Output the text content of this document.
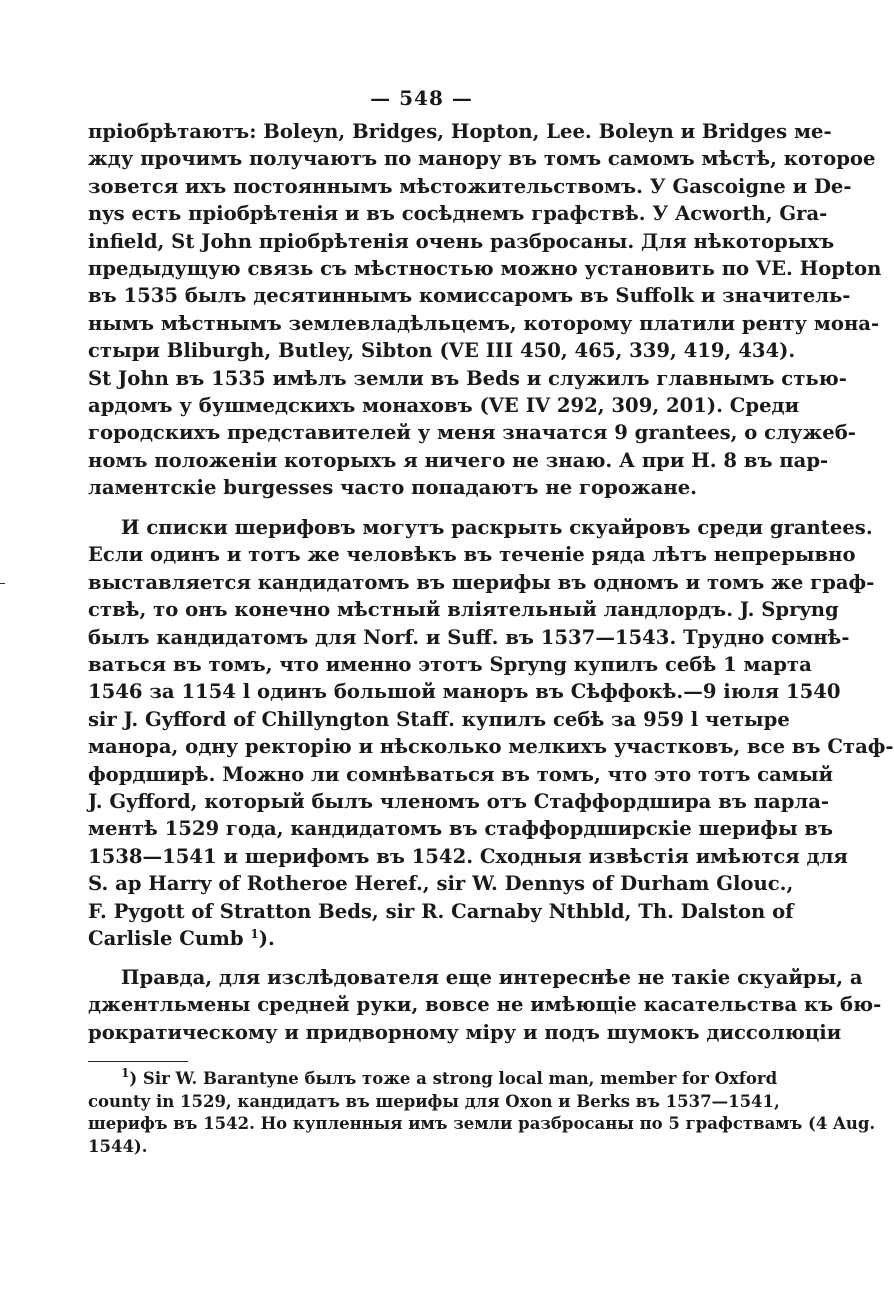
— 548 —

пріобрѣтаютъ: Boleyn, Bridges, Hopton, Lee. Boleyn и Bridges ме-

жду прочимъ получаютъ по манору въ томъ самомъ мѣстѣ, которое

зовется ихъ постояннымъ мѣстожительствомъ. У Gascoigne и De-

nys есть пріобрѣтенія и въ сосѣднемъ графствѣ. У Acworth, Gra-

infield, St John пріобрѣтенія очень разбросаны. Для нѣкоторыхъ

предыдущую связь съ мѣстностью можно установить по VE. Hopton

въ 1535 былъ десятиннымъ комиссаромъ въ Suffolk и значитель-

нымъ мѣстнымъ землевладѣльцемъ, которому платили ренту мона-

стыри Bliburgh, Butley, Sibton (VE III 450, 465, 339, 419, 434).

St John въ 1535 имѣлъ земли въ Beds и служилъ главнымъ стью-

ардомъ у бушмедскихъ монаховъ (VE IV 292, 309, 201). Среди

городскихъ представителей у меня значатся 9 grantees, о служеб-

номъ положеніи которыхъ я ничего не знаю. А при H. 8 въ пар-

ламентскіе burgesses часто попадаютъ не горожане.

И списки шерифовъ могутъ раскрыть скуайровъ среди grantees.

Если одинъ и тотъ же человѣкъ въ теченіе ряда лѣтъ непрерывно

выставляется кандидатомъ въ шерифы въ одномъ и томъ же граф-

ствѣ, то онъ конечно мѣстный вліятельный ландлордъ. J. Spryng

былъ кандидатомъ для Norf. и Suff. въ 1537—1543. Трудно сомнѣ-

ваться въ томъ, что именно этотъ Spryng купилъ себѣ 1 марта

1546 за 1154 l одинъ большой маноръ въ Сѣффокѣ.—9 іюля 1540

sir J. Gyfford of Chillyngton Staff. купилъ себѣ за 959 l четыре

манора, одну ректорію и нѣсколько мелкихъ участковъ, все въ Стаф-

фордширѣ. Можно ли сомнѣваться въ томъ, что это тотъ самый

J. Gyfford, который былъ членомъ отъ Стаффордшира въ парла-

ментѣ 1529 года, кандидатомъ въ стаффордширскіе шерифы въ

1538—1541 и шерифомъ въ 1542. Сходныя извѣстія имѣются для

S. ap Harry of Rotheroe Heref., sir W. Dennys of Durham Glouc.,

F. Pygott of Stratton Beds, sir R. Carnaby Nthbld, Th. Dalston of

Carlisle Cumb $^1$).

Правда, для изслѣдователя еще интереснѣе не такіе скуайры, а

джентльмены средней руки, вовсе не имѣющіе касательства къ бю-

рократическому и придворному міру и подъ шумокъ диссолюціи

$^1$) Sir W. Barantyne былъ тоже a strong local man, member for Oxford

county in 1529, кандидатъ въ шерифы для Oxon и Berks въ 1537—1541,

шерифъ въ 1542. Но купленныя имъ земли разбросаны по 5 графствамъ (4 Aug.

1544).
